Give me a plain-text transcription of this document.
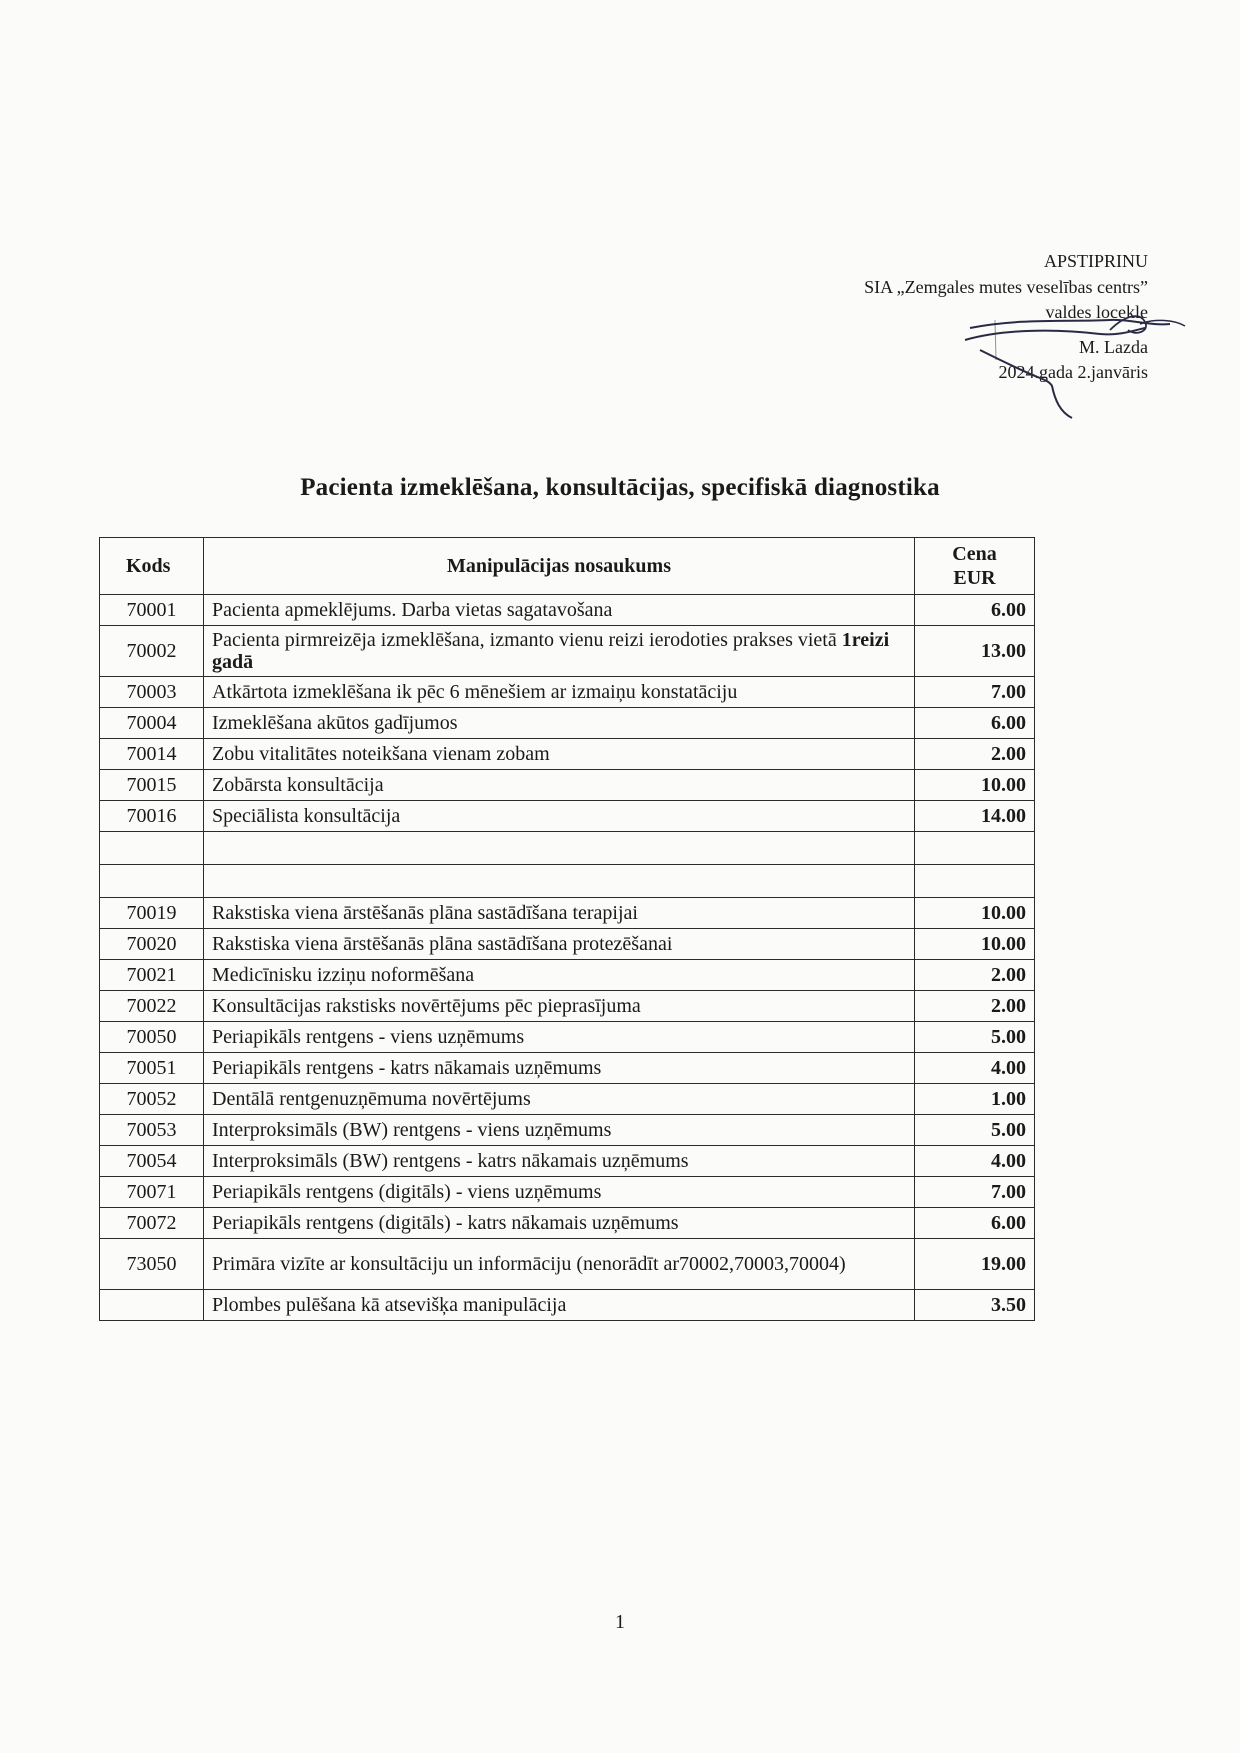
APSTIPRINU
SIA „Zemgales mutes veselības centrs”
valdes locekle
M. Lazda
2024.gada 2.janvāris
Pacienta izmeklēšana, konsultācijas, specifiskā diagnostika
Kods	Manipulācijas nosaukums	Cena
EUR
70001	Pacienta apmeklējums. Darba vietas sagatavošana	6.00
70002	Pacienta pirmreizēja izmeklēšana, izmanto vienu reizi ierodoties prakses vietā 1reizi gadā	13.00
70003	Atkārtota izmeklēšana ik pēc 6 mēnešiem ar izmaiņu konstatāciju	7.00
70004	Izmeklēšana akūtos gadījumos	6.00
70014	Zobu vitalitātes noteikšana vienam zobam	2.00
70015	Zobārsta konsultācija	10.00
70016	Speciālista konsultācija	14.00

70019	Rakstiska viena ārstēšanās plāna sastādīšana terapijai	10.00
70020	Rakstiska viena ārstēšanās plāna sastādīšana protezēšanai	10.00
70021	Medicīnisku izziņu noformēšana	2.00
70022	Konsultācijas rakstisks novērtējums pēc pieprasījuma	2.00
70050	Periapikāls rentgens - viens uzņēmums	5.00
70051	Periapikāls rentgens - katrs nākamais uzņēmums	4.00
70052	Dentālā rentgenuzņēmuma novērtējums	1.00
70053	Interproksimāls (BW) rentgens - viens uzņēmums	5.00
70054	Interproksimāls (BW) rentgens - katrs nākamais uzņēmums	4.00
70071	Periapikāls rentgens (digitāls) - viens uzņēmums	7.00
70072	Periapikāls rentgens (digitāls) - katrs nākamais uzņēmums	6.00
73050	Primāra vizīte ar konsultāciju un informāciju (nenorādīt ar70002,70003,70004)	19.00
	Plombes pulēšana kā atsevišķa manipulācija	3.50
1
